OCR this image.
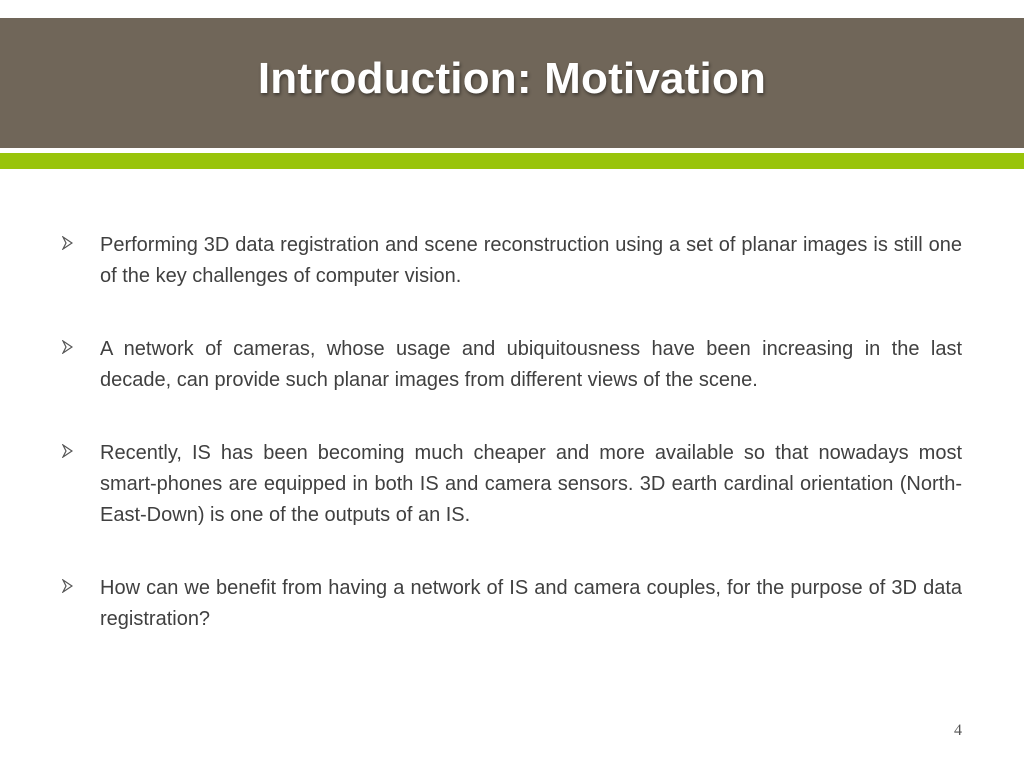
Introduction: Motivation
Performing 3D data registration and scene reconstruction using a set of planar images is still one of the key challenges of computer vision.
A network of cameras, whose usage and ubiquitousness have been increasing in the last decade, can provide such planar images from different views of the scene.
Recently, IS has been becoming much cheaper and more available so that nowadays most smart-phones are equipped in both IS and camera sensors. 3D earth cardinal orientation (North-East-Down) is one of the outputs of an IS.
How can we benefit from having a network of IS and camera couples, for the purpose of 3D data registration?
4
